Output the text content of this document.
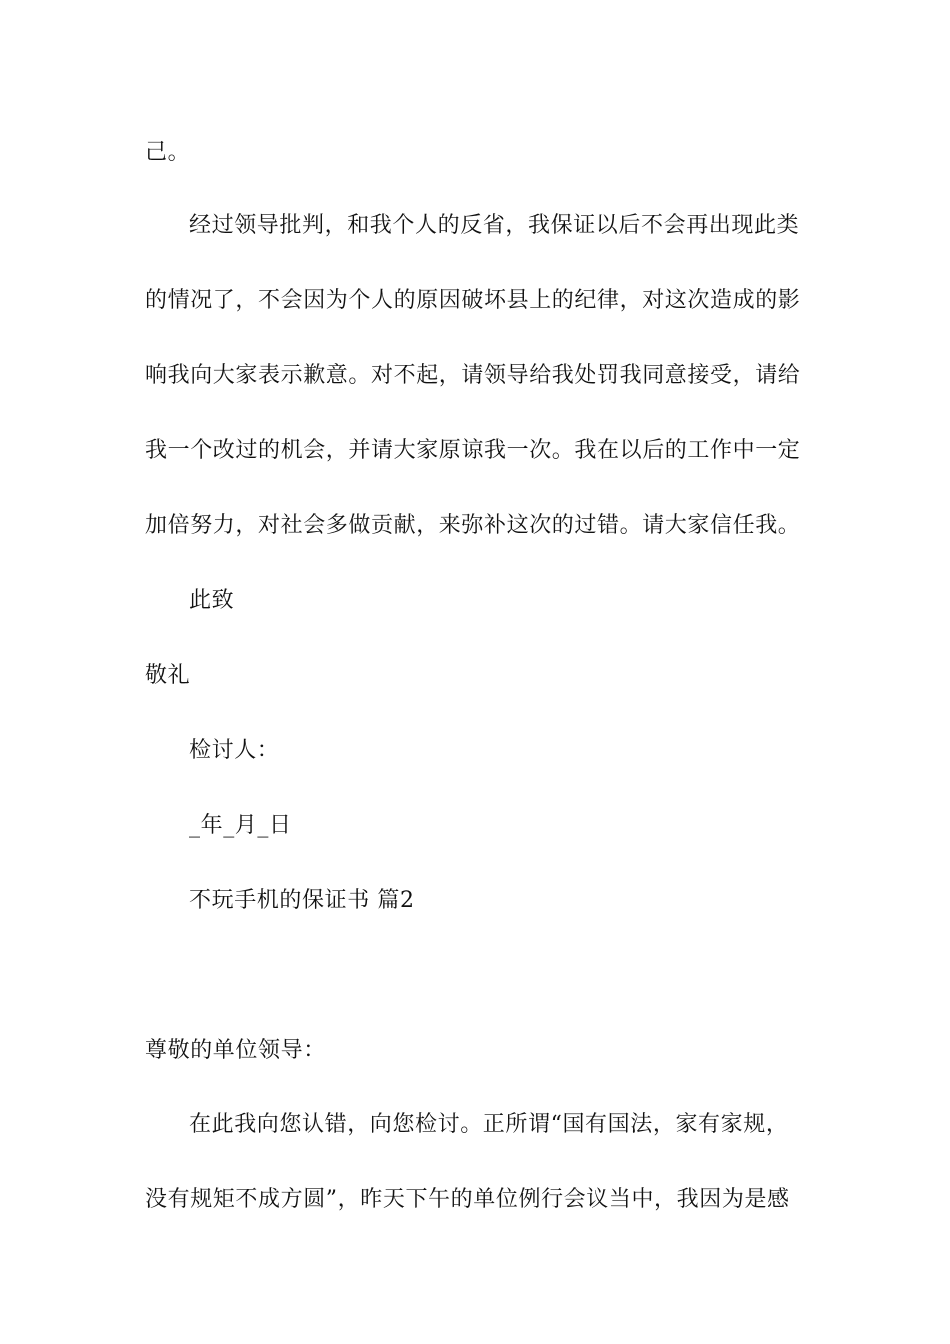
己。
经过领导批判，和我个人的反省，我保证以后不会再出现此类
的情况了，不会因为个人的原因破坏县上的纪律，对这次造成的影
响我向大家表示歉意。对不起，请领导给我处罚我同意接受，请给
我一个改过的机会，并请大家原谅我一次。我在以后的工作中一定
加倍努力，对社会多做贡献，来弥补这次的过错。请大家信任我。
此致
敬礼
检讨人：
_年_月_日
不玩手机的保证书 篇2
尊敬的单位领导：
在此我向您认错，向您检讨。正所谓“国有国法，家有家规，
没有规矩不成方圆”，昨天下午的单位例行会议当中，我因为是感
